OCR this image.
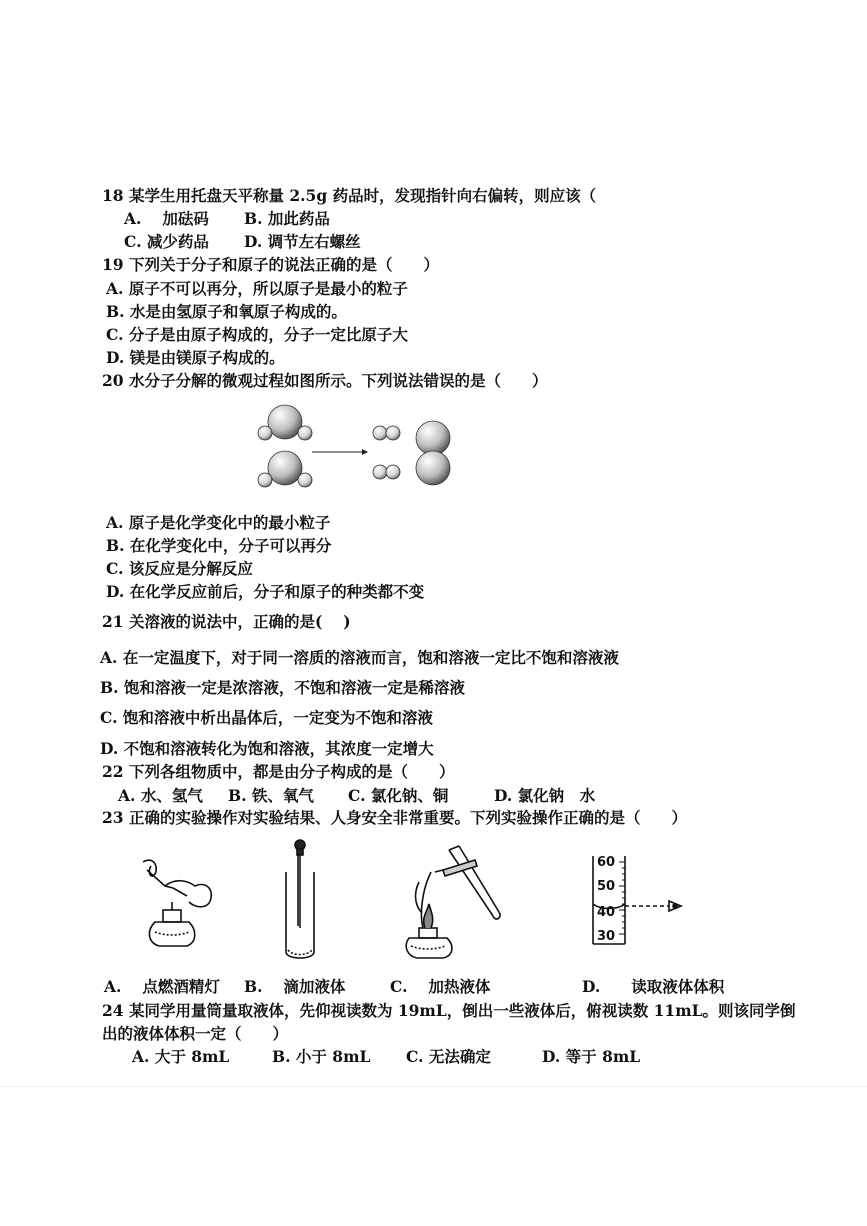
18 某学生用托盘天平称量 2.5g 药品时，发现指针向右偏转，则应该（
A.　 加砝码 B. 加此药品
C. 减少药品 D. 调节左右螺丝
19 下列关于分子和原子的说法正确的是（　　）
A. 原子不可以再分，所以原子是最小的粒子
B. 水是由氢原子和氧原子构成的。
C. 分子是由原子构成的，分子一定比原子大
D. 镁是由镁原子构成的。
20 水分子分解的微观过程如图所示。下列说法错误的是（　　）
A. 原子是化学变化中的最小粒子
B. 在化学变化中，分子可以再分
C. 该反应是分解反应
D. 在化学反应前后，分子和原子的种类都不变
21 关溶液的说法中，正确的是(　 )
A. 在一定温度下，对于同一溶质的溶液而言，饱和溶液一定比不饱和溶液液
B. 饱和溶液一定是浓溶液，不饱和溶液一定是稀溶液
C. 饱和溶液中析出晶体后，一定变为不饱和溶液
D. 不饱和溶液转化为饱和溶液，其浓度一定增大
22 下列各组物质中，都是由分子构成的是（　　）
A. 水、氢气 B. 铁、氧气 C. 氯化钠、铜	D. 氯化钠　水
23 正确的实验操作对实验结果、人身安全非常重要。下列实验操作正确的是（　　）
60
50
40
30
A.　 点燃酒精灯 B.　 滴加液体	C.　 加热液体	D.　　读取液体体积
24 某同学用量筒量取液体，先仰视读数为 19mL，倒出一些液体后，俯视读数 11mL。则该同学倒
出的液体体积一定（　　）
A. 大于 8mL	B. 小于 8mL C. 无法确定	D. 等于 8mL
